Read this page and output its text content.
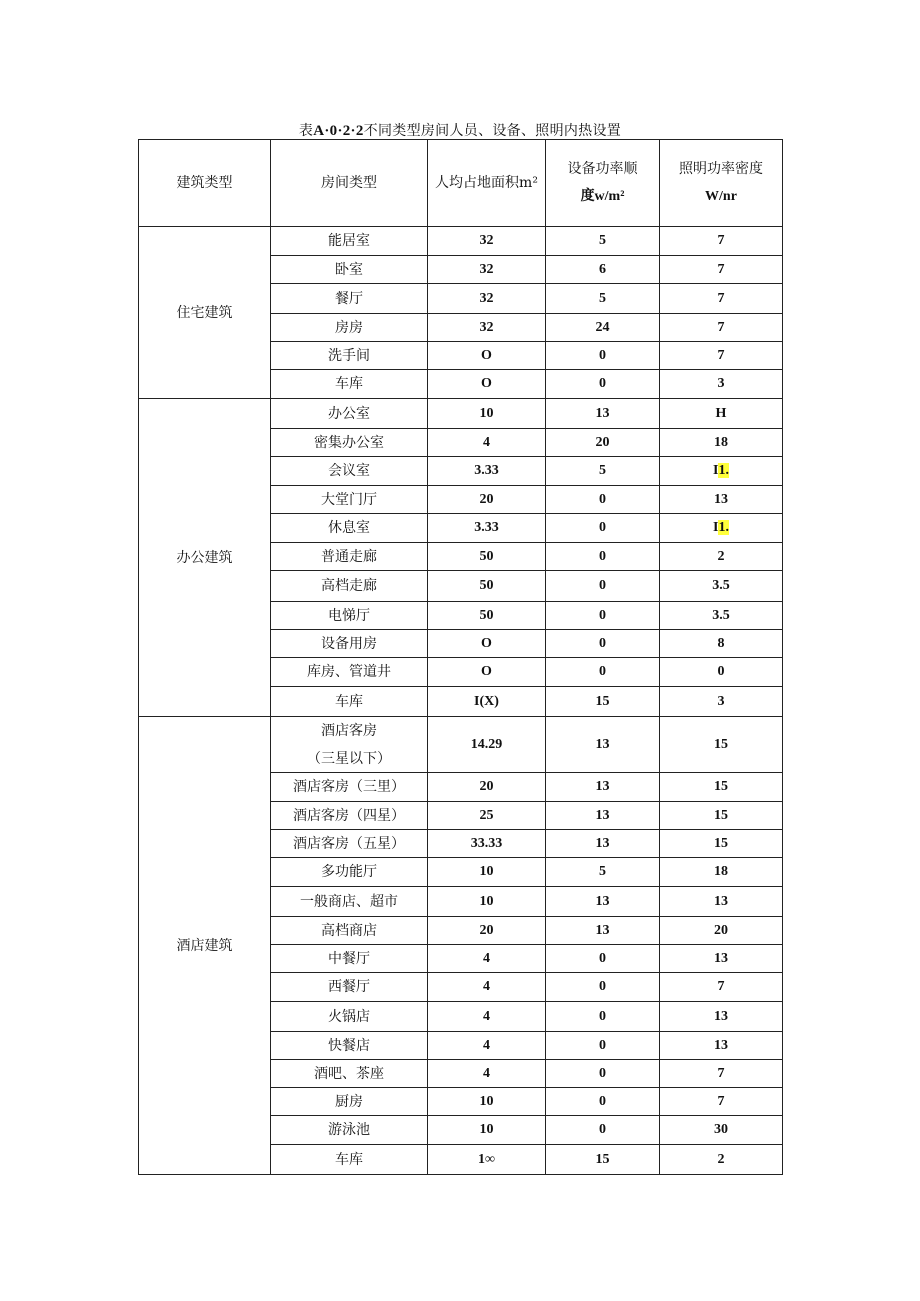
表A·0·2·2不同类型房间人员、设备、照明内热设置
建筑类型	房间类型	人均占地面积m²	设备功率顺
度w/m²	照明功率密度
W/nr

住宅建筑	能居室	32	5	7
	卧室	32	6	7
	餐厅	32	5	7
	房房	32	24	7
	洗手间	O	0	7
	车库	O	0	3
办公建筑	办公室	10	13	H
	密集办公室	4	20	18
	会议室	3.33	5	I1.
	大堂门厅	20	0	13
	休息室	3.33	0	I1.
	普通走廊	50	0	2
	高档走廊	50	0	3.5
	电悌厅	50	0	3.5
	设备用房	O	0	8
	库房、管道井	O	0	0
	车库	I(X)	15	3
酒店建筑	酒店客房
（三星以下）	14.29	13	15
	酒店客房（三里）	20	13	15
	酒店客房（四星）	25	13	15
	酒店客房（五星）	33.33	13	15
	多功能厅	10	5	18
	一般商店、超市	10	13	13
	高档商店	20	13	20
	中餐厅	4	0	13
	西餐厅	4	0	7
	火锅店	4	0	13
	快餐店	4	0	13
	酒吧、茶座	4	0	7
	厨房	10	0	7
	游泳池	10	0	30
	车库	1∞	15	2
